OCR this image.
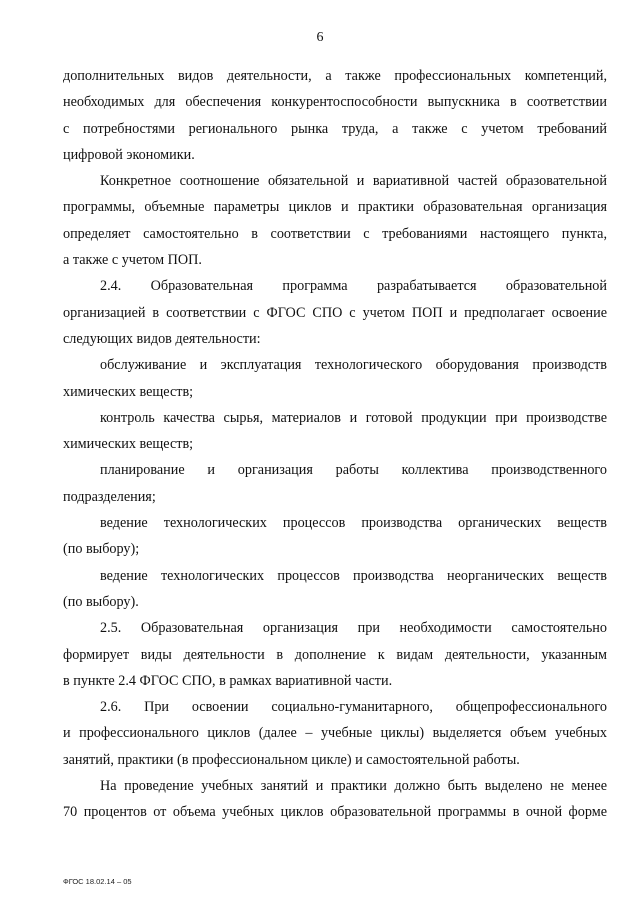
6
дополнительных видов деятельности, а также профессиональных компетенций,
необходимых для обеспечения конкурентоспособности выпускника в соответствии
с потребностями регионального рынка труда, а также с учетом требований
цифровой экономики.
Конкретное соотношение обязательной и вариативной частей образовательной
программы, объемные параметры циклов и практики образовательная организация
определяет самостоятельно в соответствии с требованиями настоящего пункта,
а также с учетом ПОП.
2.4. Образовательная программа разрабатывается образовательной
организацией в соответствии с ФГОС СПО с учетом ПОП и предполагает освоение
следующих видов деятельности:
обслуживание и эксплуатация технологического оборудования производств
химических веществ;
контроль качества сырья, материалов и готовой продукции при производстве
химических веществ;
планирование и организация работы коллектива производственного
подразделения;
ведение технологических процессов производства органических веществ
(по выбору);
ведение технологических процессов производства неорганических веществ
(по выбору).
2.5. Образовательная организация при необходимости самостоятельно
формирует виды деятельности в дополнение к видам деятельности, указанным
в пункте 2.4 ФГОС СПО, в рамках вариативной части.
2.6. При освоении социально-гуманитарного, общепрофессионального
и профессионального циклов (далее – учебные циклы) выделяется объем учебных
занятий, практики (в профессиональном цикле) и самостоятельной работы.
На проведение учебных занятий и практики должно быть выделено не менее
70 процентов от объема учебных циклов образовательной программы в очной форме
ФГОС 18.02.14 – 05
